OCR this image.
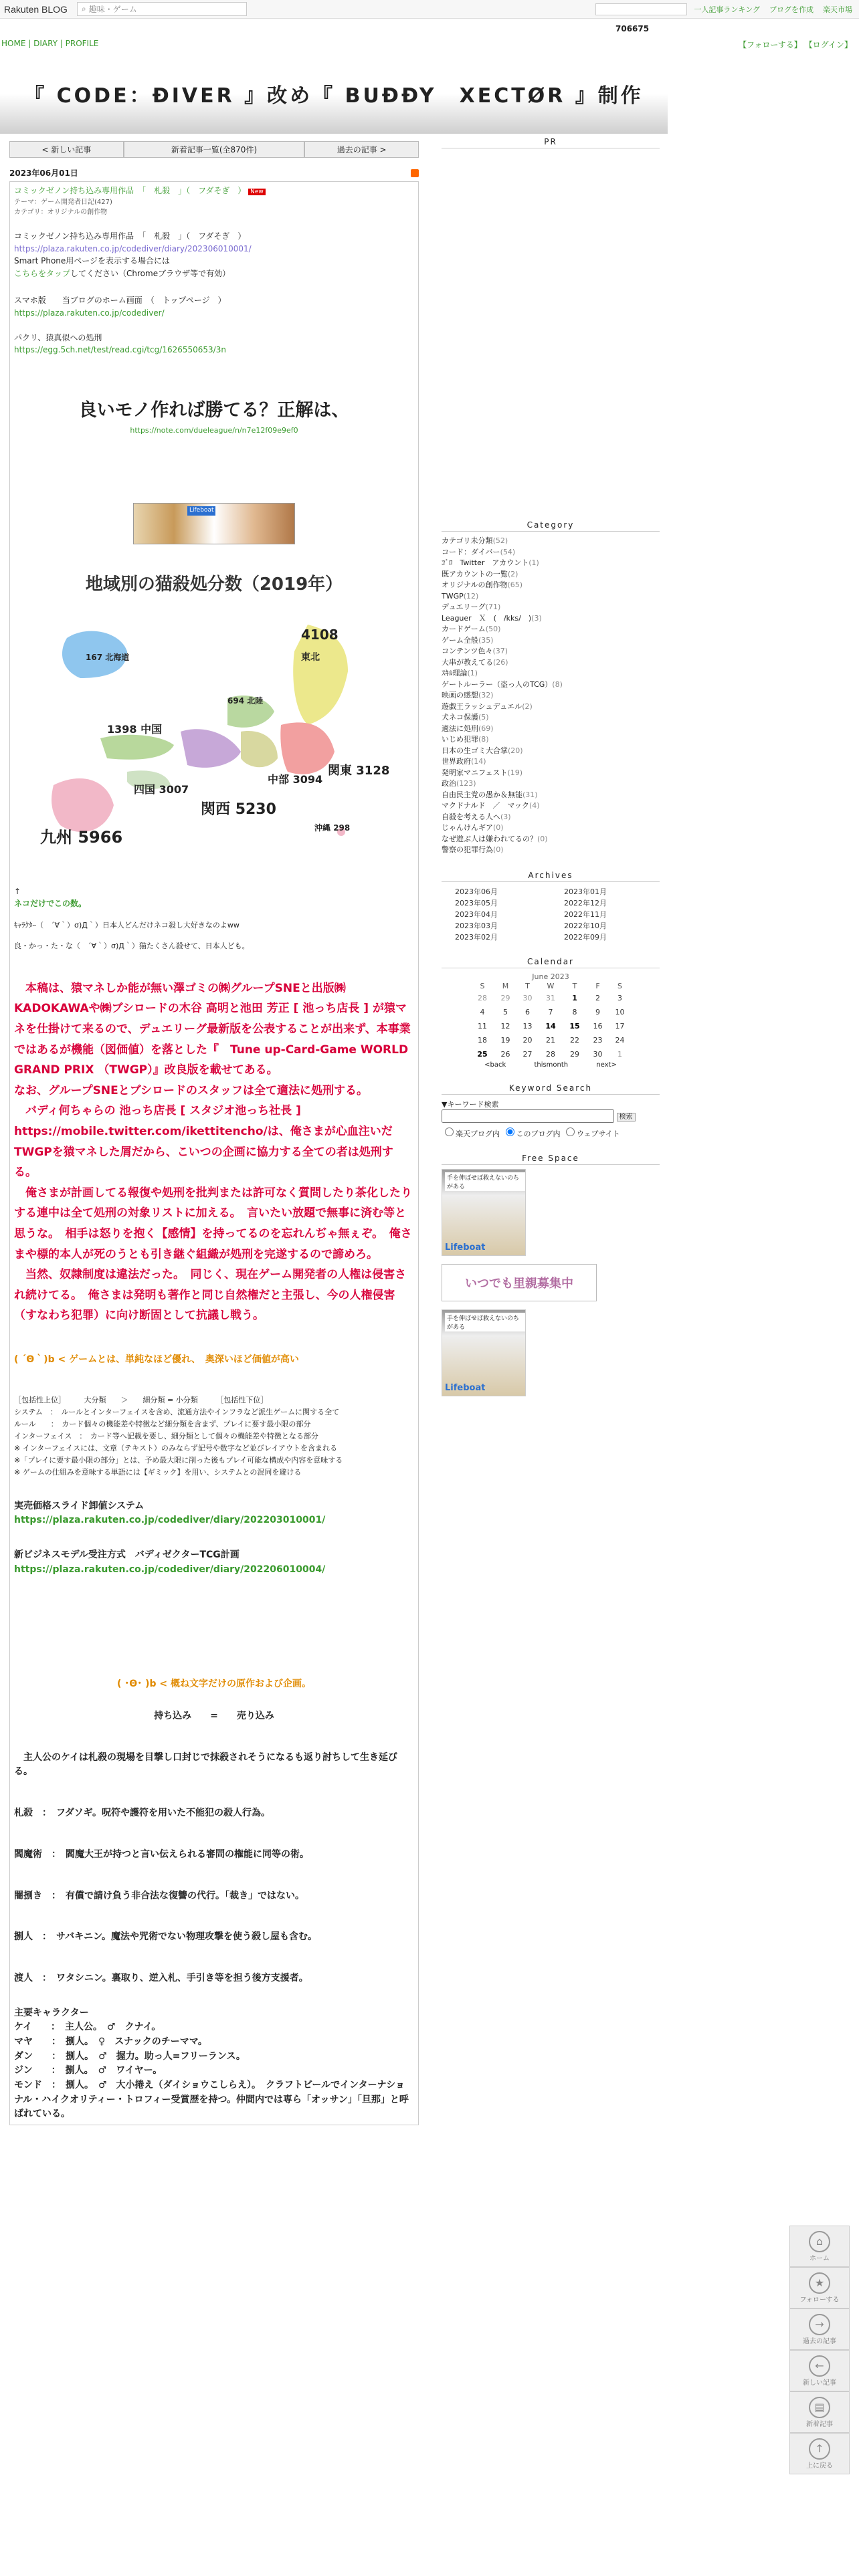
Rakuten BLOG ⌕ 趣味・ゲーム	一人記事ランキング ブログを作成 楽天市場
706675
HOME | DIARY | PROFILE	【フォローする】 【ログイン】
『 CODE：ÐIVER 』改め『 BUÐÐY　XECTØR 』制作
< 新しい記事	新着記事一覧(全870件)	過去の記事 >
2023年06月01日
コミックゼノン持ち込み専用作品　「　札殺　」（　フダそぎ　） New
テーマ：ゲーム開発者日記(427)
カテゴリ：オリジナルの創作物
コミックゼノン持ち込み専用作品　「　札殺　」（　フダそぎ　）
https://plaza.rakuten.co.jp/codediver/diary/202306010001/
Smart Phone用ページを表示する場合には
こちらをタップしてください（Chromeブラウザ等で有効）
スマホ版　　当ブログのホーム画面　（　トップページ　）
https://plaza.rakuten.co.jp/codediver/
パクリ、猿真似への処刑
https://egg.5ch.net/test/read.cgi/tcg/1626550653/3n
良いモノ作れば勝てる？正解は、
https://note.com/dueleague/n/n7e12f09e9ef0
Lifeboat
地域別の猫殺処分数（2019年）
167 北海道
4108
東北
694 北陸
1398 中国
関東 3128
四国 3007
関西 5230
中部 3094
九州 5966	沖縄 298
↑
ネコだけでこの数。
ｷｬﾗｸﾀｰ（　´∀｀）σ)Д｀）日本人どんだけネコ殺し大好きなのよww
良・かっ・た・な（　´∀｀）σ)Д｀）猫たくさん殺せて、日本人ども。
　本稿は、猿マネしか能が無い澤ゴミの㈱グループSNEと出版㈱KADOKAWAや㈱ブシロードの木谷 高明と池田 芳正 [ 池っち店長 ] が猿マネを仕掛けて来るので、デュエリーグ最新版を公表することが出来ず、本事業ではあるが機能（図価値）を落とした『　Tune up-Card-Game WORLD GRAND PRIX （TWGP）』改良版を載せてある。
なお、グループSNEとブシロードのスタッフは全て適法に処刑する。
　バディ何ちゃらの 池っち店長 [ スタジオ池っち社長 ] https://mobile.twitter.com/ikettitencho/は、俺さまが心血注いだTWGPを猿マネした屑だから、こいつの企画に協力する全ての者は処刑する。
　俺さまが計画してる報復や処刑を批判または許可なく質問したり茶化したりする連中は全て処刑の対象リストに加える。　言いたい放題で無事に済む等と思うな。　相手は怒りを抱く【感情】を持ってるのを忘れんぢゃ無ぇぞ。　俺さまや標的本人が死のうとも引き継ぐ組織が処刑を完遂するので諦めろ。
　当然、奴隷制度は違法だった。　同じく、現在ゲーム開発者の人権は侵害され続けてる。　俺さまは発明も著作と同じ自然権だと主張し、今の人権侵害（すなわち犯罪）に向け断固として抗議し戦う。
( ´Θ｀)b < ゲームとは、単純なほど優れ、　奥深いほど価値が高い
［包括性上位］　　　大分類　　＞　　細分類 = 小分類　　　［包括性下位］
システム　：　ルールとインターフェイスを含め、流通方法やインフラなど派生ゲームに関する全て
ルール　　：　カード個々の機能差や特徴など細分類を含まず、プレイに要す最小限の部分
インターフェイス　：　カード等へ記載を要し、細分類として個々の機能差や特徴となる部分
※ インターフェイスには、文章（テキスト）のみならず記号や数字など並びレイアウトを含まれる
※「プレイに要す最小限の部分」とは、予め最大限に削った後もプレイ可能な構成や内容を意味する
※ ゲームの仕組みを意味する単語には【ギミック】を用い、システムとの混同を避ける
実売価格スライド卸値システム
https://plaza.rakuten.co.jp/codediver/diary/202203010001/
新ビジネスモデル受注方式　バディゼクターTCG計画
https://plaza.rakuten.co.jp/codediver/diary/202206010004/
( ･Θ･ )b < 概ね文字だけの原作および企画。
持ち込み　　=　　売り込み
　主人公のケイは札殺の現場を目撃し口封じで抹殺されそうになるも返り討ちして生き延びる。
札殺　：　フダソギ。呪符や護符を用いた不能犯の殺人行為。
閻魔術　：　閻魔大王が持つと言い伝えられる審問の権能に同等の術。
闇捌き　：　有償で請け負う非合法な復讐の代行。「裁き」ではない。
捌人　：　サバキニン。魔法や咒術でない物理攻撃を使う殺し屋も含む。
渡人　：　ワタシニン。裏取り、逆入札、手引き等を担う後方支援者。
主要キャラクター
ケイ　　：　主人公。　♂　クナイ。
マヤ　　：　捌人。　♀　スナックのチーママ。
ダン　　：　捌人。　♂　握力。助っ人=フリーランス。
ジン　　：　捌人。　♂　ワイヤー。
モンド　：　捌人。　♂　大小捲え（ダイショウこしらえ）。　クラフトビールでインターナショナル・ハイクオリティー・トロフィー受賞歴を持つ。仲間内では専ら「オッサン」「旦那」と呼ばれている。
PR
Category
カテゴリ未分類(52)
コード：ダイバー(54)
ｺﾞﾛ　Twitter　アカウント(1)
既アカウントの一覧(2)
オリジナルの創作物(65)
TWGP(12)
デュエリーグ(71)
Leaguer　Ｘ　(　/kks/　)(3)
カードゲーム(50)
ゲーム全般(35)
コンテンツ色々(37)
大串が教えてる(26)
ｽｷﾙ理論(1)
ゲートルーラー（盗っ人のTCG）(8)
映画の感想(32)
遊戯王ラッシュデュエル(2)
犬ネコ保護(5)
適法に処刑(69)
いじめ犯罪(8)
日本の生ゴミ大合掌(20)
世界政府(14)
発明家マニフェスト(19)
政治(123)
自由民主党の愚か＆無能(31)
マクドナルド　／　マック(4)
自殺を考える人へ(3)
じゃんけんギア(0)
なぜ遊ぶ人は嫌われてるの？(0)
警察の犯罪行為(0)
Archives
2023年06月	2023年01月
2023年05月	2022年12月
2023年04月	2022年11月
2023年03月	2022年10月
2023年02月	2022年09月
Calendar
June 2023
S	M	T	W	T	F	S
28	29	30	31	1	2	3
4	5	6	7	8	9	10
11	12	13	14	15	16	17
18	19	20	21	22	23	24
25	26	27	28	29	30	1
<back	thismonth	next>
Keyword Search
▼キーワード検索
検索
楽天ブログ内 このブログ内 ウェブサイト
Free Space
手を伸ばせば救えないのちがある
Lifeboat
いつでも里親募集中
手を伸ばせば救えないのちがある
Lifeboat
⌂
ホーム
★
フォローする
→
過去の記事
←
新しい記事
▤
新着記事
↑
上に戻る
